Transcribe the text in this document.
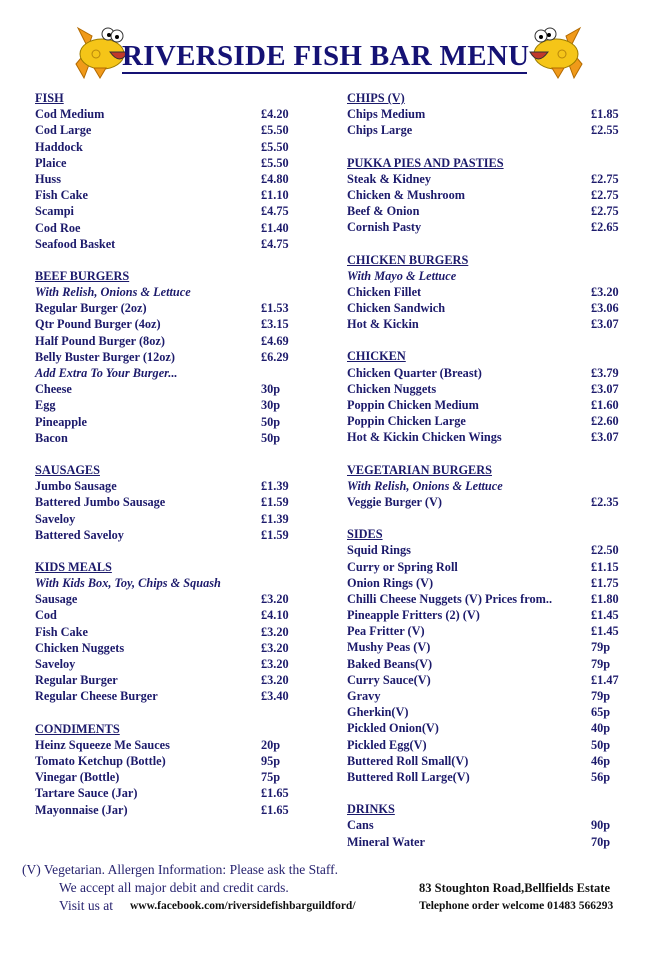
RIVERSIDE FISH BAR MENU
FISH
Cod Medium	£4.20
Cod Large	£5.50
Haddock	£5.50
Plaice	£5.50
Huss	£4.80
Fish Cake	£1.10
Scampi	£4.75
Cod Roe	£1.40
Seafood Basket	£4.75
BEEF BURGERS
With Relish, Onions & Lettuce
Regular Burger (2oz)	£1.53
Qtr Pound Burger (4oz)	£3.15
Half Pound Burger (8oz)	£4.69
Belly Buster Burger (12oz)	£6.29
Add Extra To Your Burger...
Cheese	30p
Egg	30p
Pineapple	50p
Bacon	50p
SAUSAGES
Jumbo Sausage	£1.39
Battered Jumbo Sausage	£1.59
Saveloy	£1.39
Battered Saveloy	£1.59
KIDS MEALS
With Kids Box, Toy, Chips & Squash
Sausage	£3.20
Cod	£4.10
Fish Cake	£3.20
Chicken Nuggets	£3.20
Saveloy	£3.20
Regular Burger	£3.20
Regular Cheese Burger	£3.40
CONDIMENTS
Heinz Squeeze Me Sauces	20p
Tomato Ketchup (Bottle)	95p
Vinegar (Bottle)	75p
Tartare Sauce (Jar)	£1.65
Mayonnaise (Jar)	£1.65
CHIPS (V)
Chips Medium	£1.85
Chips Large	£2.55
PUKKA PIES AND PASTIES
Steak & Kidney	£2.75
Chicken & Mushroom	£2.75
Beef & Onion	£2.75
Cornish Pasty	£2.65
CHICKEN BURGERS
With Mayo & Lettuce
Chicken Fillet	£3.20
Chicken Sandwich	£3.06
Hot & Kickin	£3.07
CHICKEN
Chicken Quarter (Breast)	£3.79
Chicken Nuggets	£3.07
Poppin Chicken Medium	£1.60
Poppin Chicken Large	£2.60
Hot & Kickin Chicken Wings	£3.07
VEGETARIAN BURGERS
With Relish, Onions & Lettuce
Veggie Burger (V)	£2.35
SIDES
Squid Rings	£2.50
Curry or Spring Roll	£1.15
Onion Rings (V)	£1.75
Chilli Cheese Nuggets (V) Prices from..	£1.80
Pineapple Fritters (2) (V)	£1.45
Pea Fritter (V)	£1.45
Mushy Peas (V)	79p
Baked Beans(V)	79p
Curry Sauce(V)	£1.47
Gravy	79p
Gherkin(V)	65p
Pickled Onion(V)	40p
Pickled Egg(V)	50p
Buttered Roll Small(V)	46p
Buttered Roll Large(V)	56p
DRINKS
Cans	90p
Mineral Water	70p
(V) Vegetarian. Allergen Information: Please ask the Staff.
We accept all major debit and credit cards.
Visit us at www.facebook.com/riversidefishbarguildford/
83 Stoughton Road,Bellfields Estate
Telephone order welcome 01483 566293
